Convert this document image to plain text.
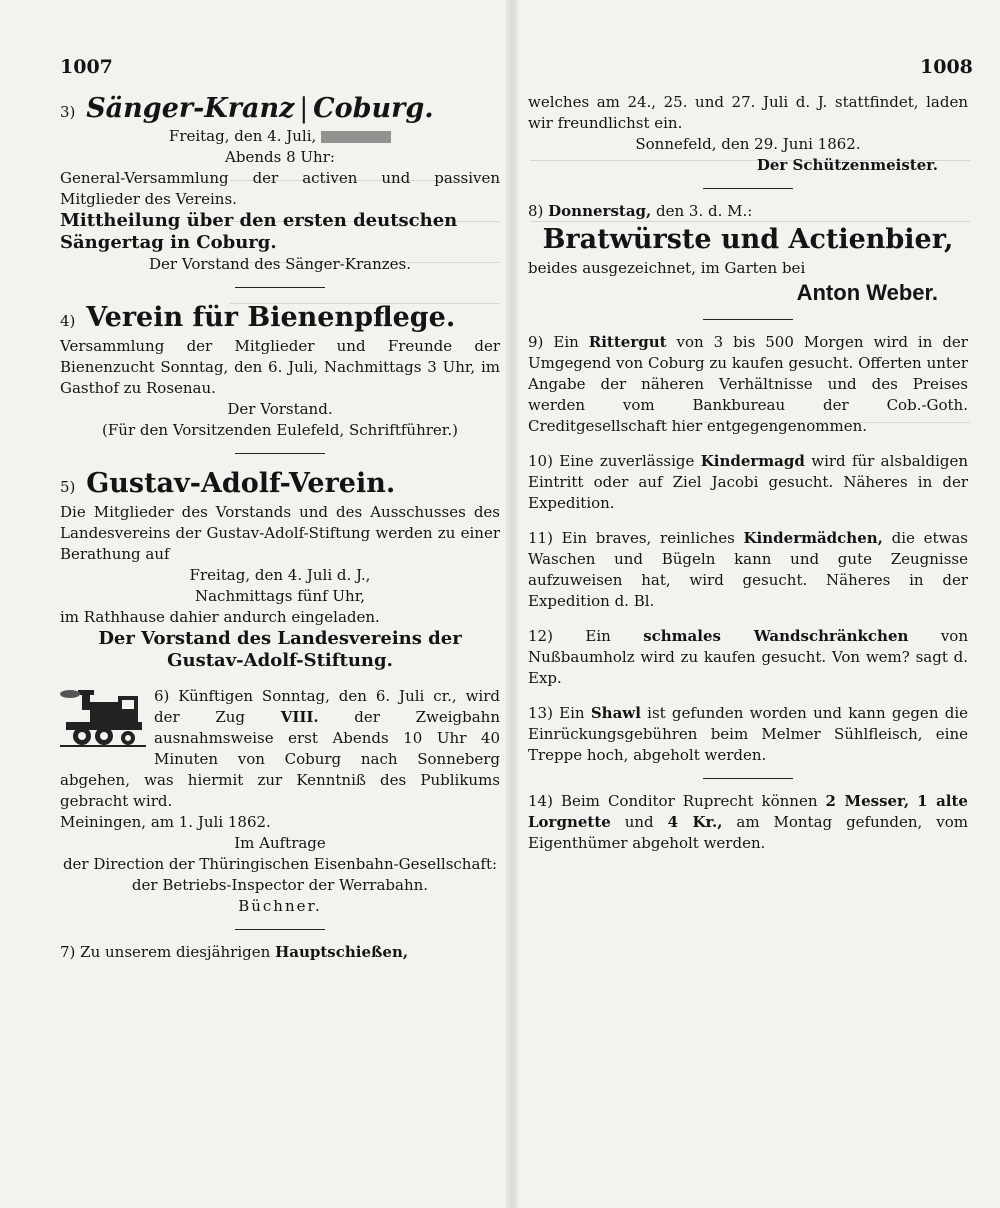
1007	1008

3) Sänger-Kranz | Coburg.

Freitag, den 4. Juli,

Abends 8 Uhr:

General-Versammlung der activen und passiven Mitglieder des Vereins.

Mittheilung über den ersten deutschen Sängertag in Coburg.

Der Vorstand des Sänger-Kranzes.

4) Verein für Bienenpflege.

Versammlung der Mitglieder und Freunde der Bienenzucht Sonntag, den 6. Juli, Nachmittags 3 Uhr, im Gasthof zu Rosenau.

Der Vorstand.

(Für den Vorsitzenden Eulefeld, Schriftführer.)

5) Gustav-Adolf-Verein.

Die Mitglieder des Vorstands und des Ausschusses des Landesvereins der Gustav-Adolf-Stiftung werden zu einer Berathung auf

Freitag, den 4. Juli d. J.,

Nachmittags fünf Uhr,

im Rathhause dahier andurch eingeladen.

Der Vorstand des Landesvereins der Gustav-Adolf-Stiftung.

6) Künftigen Sonntag, den 6. Juli cr., wird der Zug VIII. der Zweigbahn ausnahmsweise erst Abends 10 Uhr 40 Minuten von Coburg nach Sonneberg abgehen, was hiermit zur Kenntniß des Publikums gebracht wird.

Meiningen, am 1. Juli 1862.

Im Auftrage

der Direction der Thüringischen Eisenbahn-Gesellschaft:

der Betriebs-Inspector der Werrabahn.

Büchner.

7) Zu unserem diesjährigen Hauptschießen,

welches am 24., 25. und 27. Juli d. J. stattfindet, laden wir freundlichst ein.

Sonnefeld, den 29. Juni 1862.

Der Schützenmeister.

8) Donnerstag, den 3. d. M.:

Bratwürste und Actienbier,

beides ausgezeichnet, im Garten bei

Anton Weber.

9) Ein Rittergut von 3 bis 500 Morgen wird in der Umgegend von Coburg zu kaufen gesucht. Offerten unter Angabe der näheren Verhältnisse und des Preises werden vom Bankbureau der Cob.-Goth. Creditgesellschaft hier entgegengenommen.

10) Eine zuverlässige Kindermagd wird für alsbaldigen Eintritt oder auf Ziel Jacobi gesucht. Näheres in der Expedition.

11) Ein braves, reinliches Kindermädchen, die etwas Waschen und Bügeln kann und gute Zeugnisse aufzuweisen hat, wird gesucht. Näheres in der Expedition d. Bl.

12) Ein schmales Wandschränkchen von Nußbaumholz wird zu kaufen gesucht. Von wem? sagt d. Exp.

13) Ein Shawl ist gefunden worden und kann gegen die Einrückungsgebühren beim Melmer Sühlfleisch, eine Treppe hoch, abgeholt werden.

14) Beim Conditor Ruprecht können 2 Messer, 1 alte Lorgnette und 4 Kr., am Montag gefunden, vom Eigenthümer abgeholt werden.
